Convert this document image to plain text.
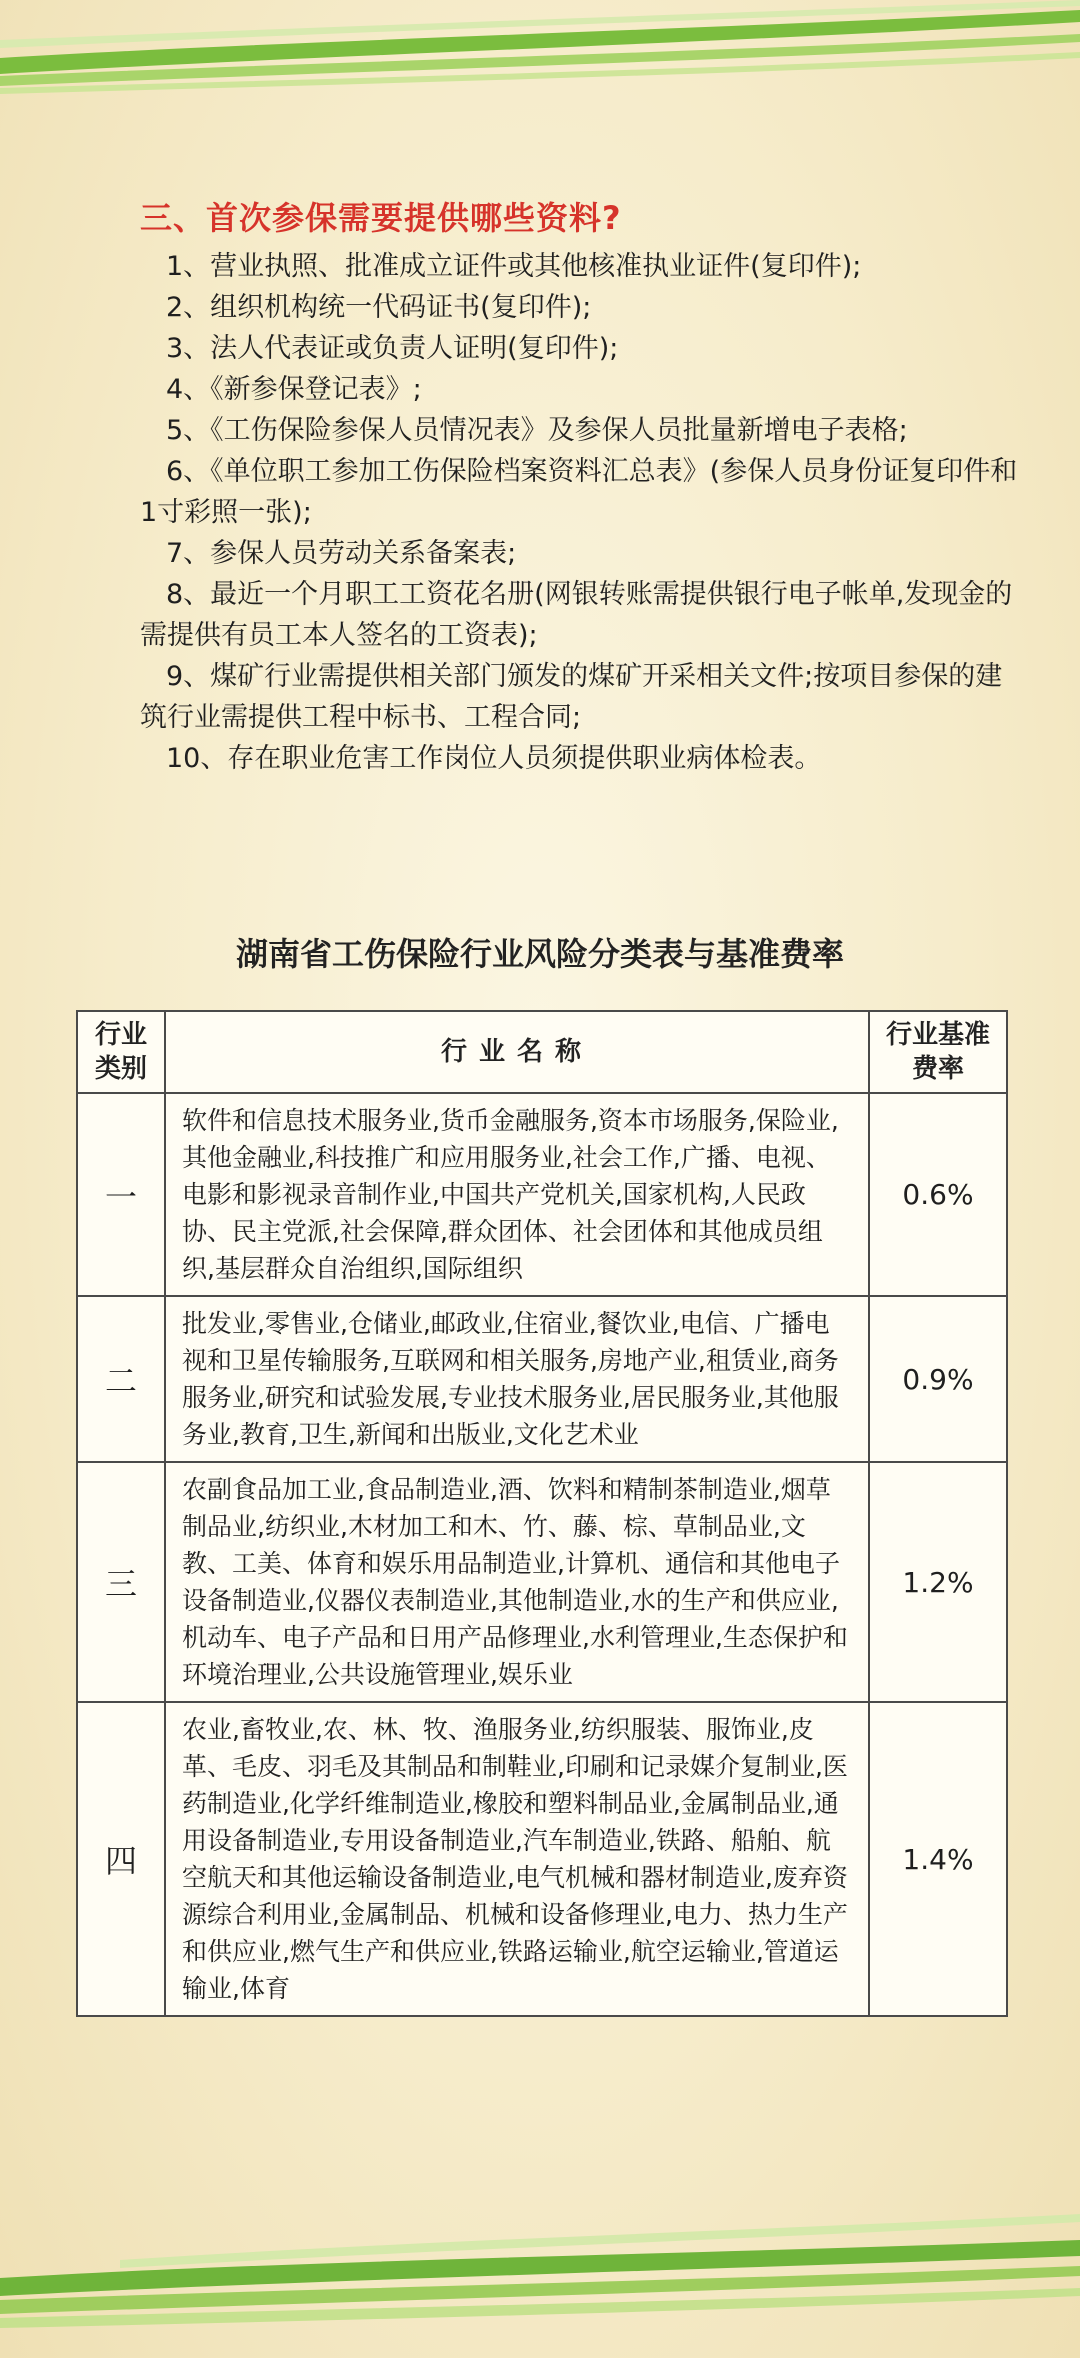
三、首次参保需要提供哪些资料?
1、营业执照、批准成立证件或其他核准执业证件(复印件);
2、组织机构统一代码证书(复印件);
3、法人代表证或负责人证明(复印件);
4、《新参保登记表》;
5、《工伤保险参保人员情况表》及参保人员批量新增电子表格;
6、《单位职工参加工伤保险档案资料汇总表》(参保人员身份证复印件和1寸彩照一张);
7、参保人员劳动关系备案表;
8、最近一个月职工工资花名册(网银转账需提供银行电子帐单,发现金的需提供有员工本人签名的工资表);
9、煤矿行业需提供相关部门颁发的煤矿开采相关文件;按项目参保的建筑行业需提供工程中标书、工程合同;
10、存在职业危害工作岗位人员须提供职业病体检表。
湖南省工伤保险行业风险分类表与基准费率
行业类别	行业名称	行业基准费率
一	软件和信息技术服务业,货币金融服务,资本市场服务,保险业,其他金融业,科技推广和应用服务业,社会工作,广播、电视、电影和影视录音制作业,中国共产党机关,国家机构,人民政协、民主党派,社会保障,群众团体、社会团体和其他成员组织,基层群众自治组织,国际组织	0.6%
二	批发业,零售业,仓储业,邮政业,住宿业,餐饮业,电信、广播电视和卫星传输服务,互联网和相关服务,房地产业,租赁业,商务服务业,研究和试验发展,专业技术服务业,居民服务业,其他服务业,教育,卫生,新闻和出版业,文化艺术业	0.9%
三	农副食品加工业,食品制造业,酒、饮料和精制茶制造业,烟草制品业,纺织业,木材加工和木、竹、藤、棕、草制品业,文教、工美、体育和娱乐用品制造业,计算机、通信和其他电子设备制造业,仪器仪表制造业,其他制造业,水的生产和供应业,机动车、电子产品和日用产品修理业,水利管理业,生态保护和环境治理业,公共设施管理业,娱乐业	1.2%
四	农业,畜牧业,农、林、牧、渔服务业,纺织服装、服饰业,皮革、毛皮、羽毛及其制品和制鞋业,印刷和记录媒介复制业,医药制造业,化学纤维制造业,橡胶和塑料制品业,金属制品业,通用设备制造业,专用设备制造业,汽车制造业,铁路、船舶、航空航天和其他运输设备制造业,电气机械和器材制造业,废弃资源综合利用业,金属制品、机械和设备修理业,电力、热力生产和供应业,燃气生产和供应业,铁路运输业,航空运输业,管道运输业,体育	1.4%
